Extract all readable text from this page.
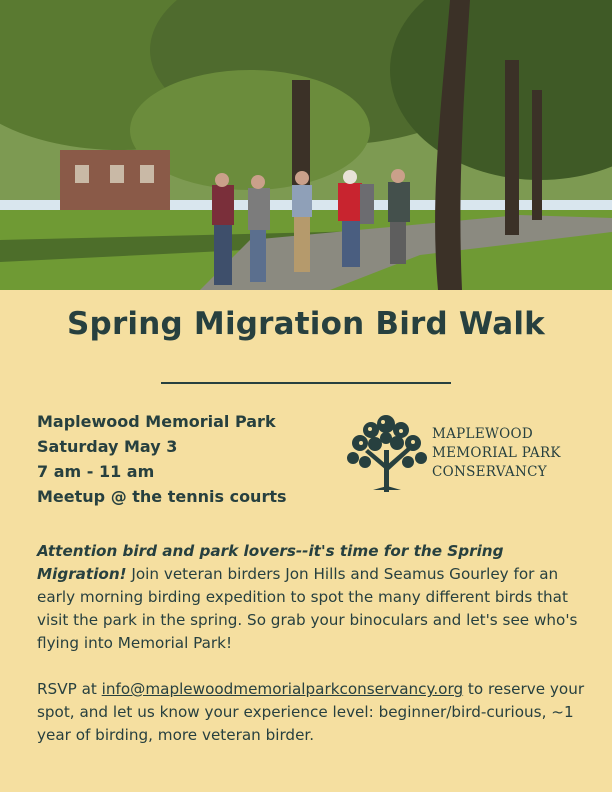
Spring Migration Bird Walk
Maplewood Memorial Park
Saturday May 3
7 am - 11 am
Meetup @ the tennis courts
MAPLEWOOD
MEMORIAL PARK
CONSERVANCY

Attention bird and park lovers--it's time for the Spring Migration! Join veteran birders Jon Hills and Seamus Gourley for an early morning birding expedition to spot the many different birds that visit the park in the spring. So grab your binoculars and let's see who's flying into Memorial Park!

RSVP at info@maplewoodmemorialparkconservancy.org to reserve your spot, and let us know your experience level: beginner/bird-curious, ~1 year of birding, more veteran birder.
